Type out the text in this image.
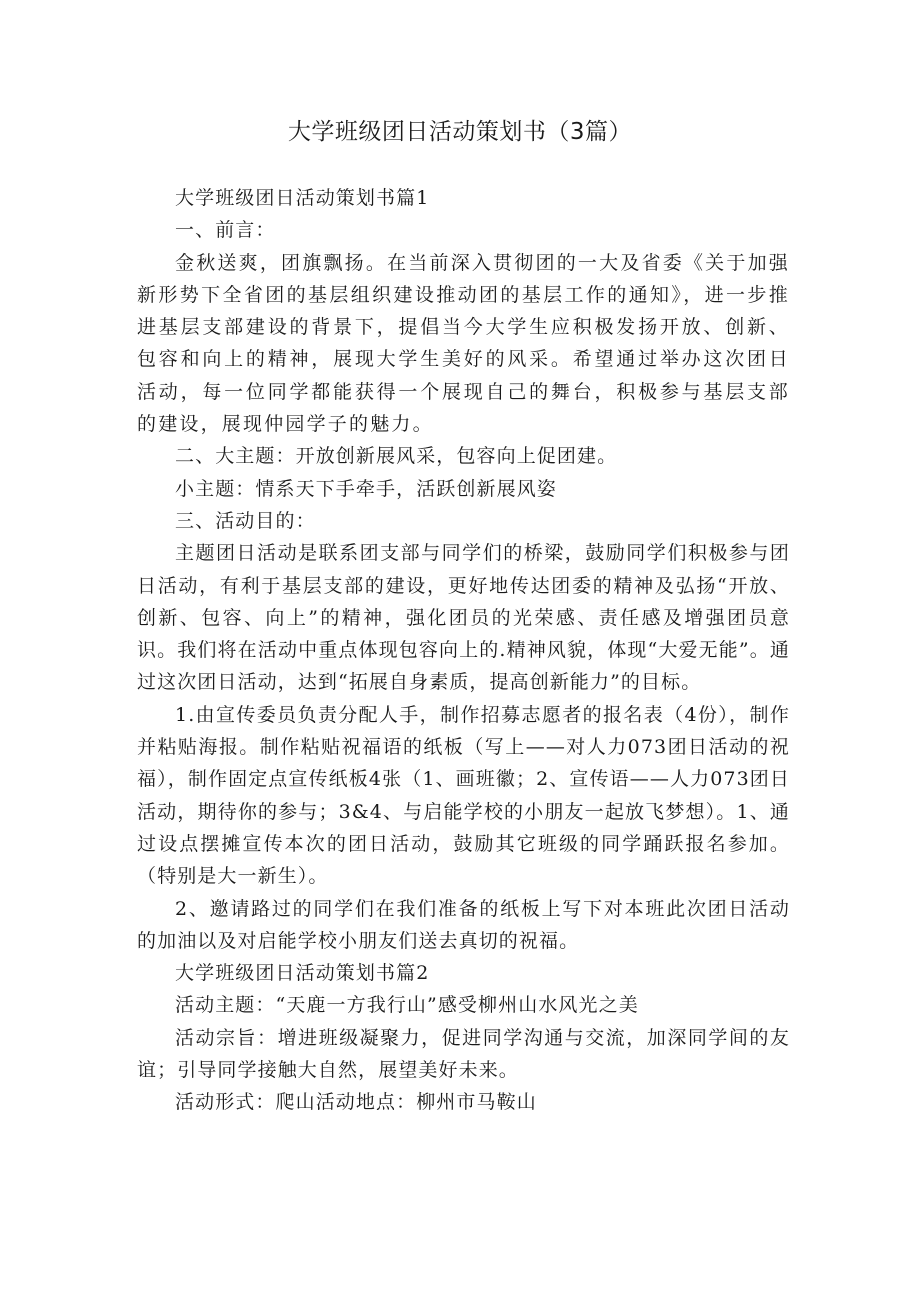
大学班级团日活动策划书（3篇）

大学班级团日活动策划书篇1

一、前言：

金秋送爽，团旗飘扬。在当前深入贯彻团的一大及省委《关于加强新形势下全省团的基层组织建设推动团的基层工作的通知》，进一步推进基层支部建设的背景下，提倡当今大学生应积极发扬开放、创新、包容和向上的精神，展现大学生美好的风采。希望通过举办这次团日活动，每一位同学都能获得一个展现自己的舞台，积极参与基层支部的建设，展现仲园学子的魅力。

二、大主题：开放创新展风采，包容向上促团建。

小主题：情系天下手牵手，活跃创新展风姿

三、活动目的：

主题团日活动是联系团支部与同学们的桥梁，鼓励同学们积极参与团日活动，有利于基层支部的建设，更好地传达团委的精神及弘扬“开放、创新、包容、向上”的精神，强化团员的光荣感、责任感及增强团员意识。我们将在活动中重点体现包容向上的.精神风貌，体现“大爱无能”。通过这次团日活动，达到“拓展自身素质，提高创新能力”的目标。

1.由宣传委员负责分配人手，制作招募志愿者的报名表（4份），制作并粘贴海报。制作粘贴祝福语的纸板（写上——对人力073团日活动的祝福），制作固定点宣传纸板4张（1、画班徽；2、宣传语——人力073团日活动，期待你的参与；3&4、与启能学校的小朋友一起放飞梦想）。1、通过设点摆摊宣传本次的团日活动，鼓励其它班级的同学踊跃报名参加。（特别是大一新生）。

2、邀请路过的同学们在我们准备的纸板上写下对本班此次团日活动的加油以及对启能学校小朋友们送去真切的祝福。

大学班级团日活动策划书篇2

活动主题：“天鹿一方我行山”感受柳州山水风光之美

活动宗旨：增进班级凝聚力，促进同学沟通与交流，加深同学间的友谊；引导同学接触大自然，展望美好未来。

活动形式：爬山活动地点：柳州市马鞍山
